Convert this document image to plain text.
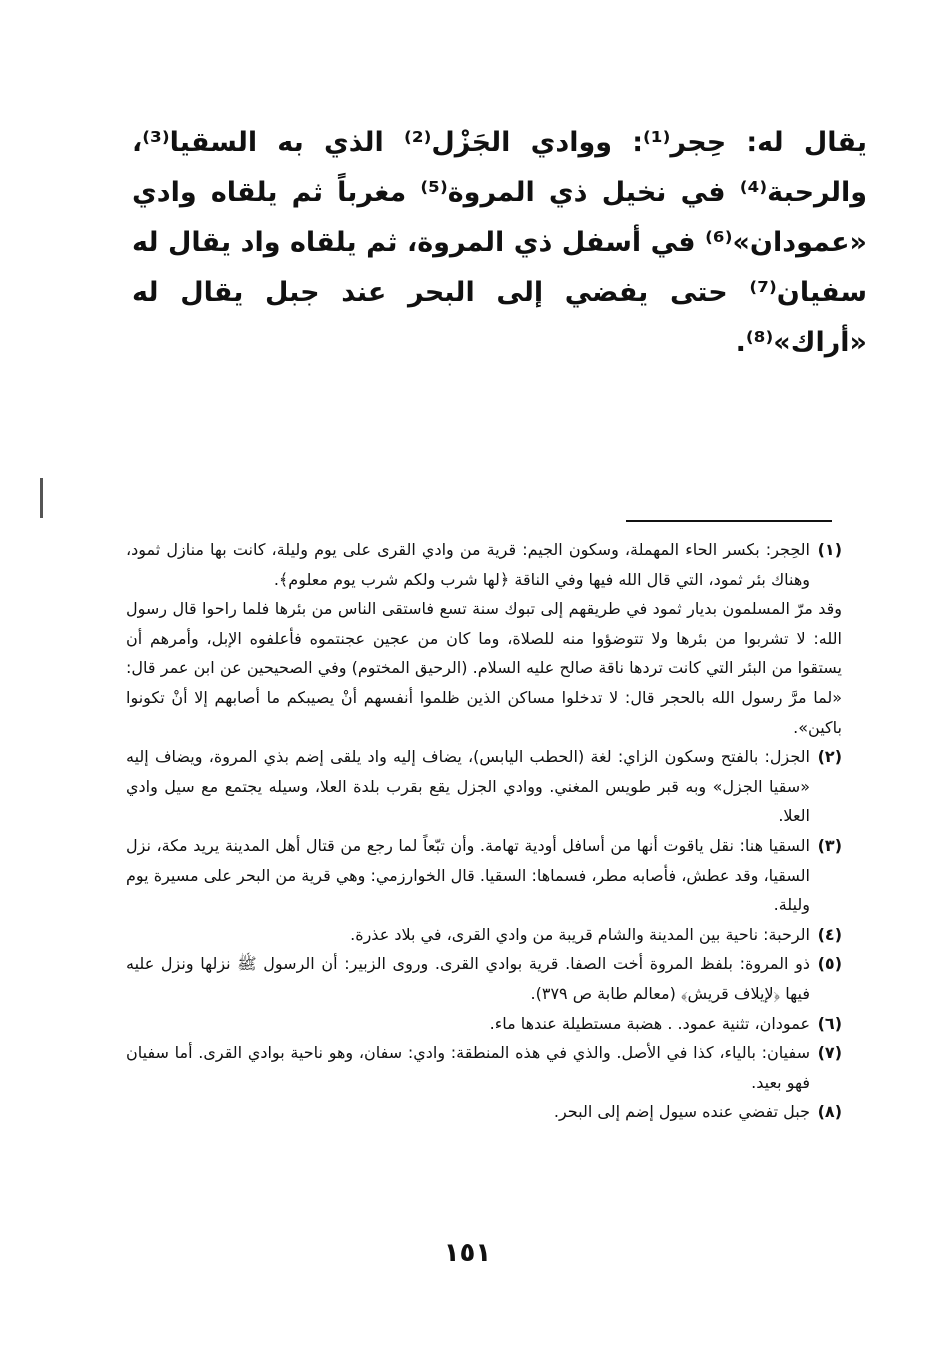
يقال له: حِجر⁽¹⁾: ووادي الجَزْل⁽²⁾ الذي به السقيا⁽³⁾، والرحبة⁽⁴⁾ في نخيل ذي المروة⁽⁵⁾ مغرباً ثم يلقاه وادي «عمودان»⁽⁶⁾ في أسفل ذي المروة، ثم يلقاه واد يقال له سفيان⁽⁷⁾ حتى يفضي إلى البحر عند جبل يقال له «أراك»⁽⁸⁾.
(١)

الحِجر: بكسر الحاء المهملة، وسكون الجيم: قرية من وادي القرى على يوم وليلة، كانت بها منازل ثمود، وهناك بئر ثمود، التي قال الله فيها وفي الناقة ﴿لها شرب ولكم شرب يوم معلوم﴾.

وقد مرّ المسلمون بديار ثمود في طريقهم إلى تبوك سنة تسع فاستقى الناس من بئرها فلما راحوا قال رسول الله: لا تشربوا من بئرها ولا تتوضؤوا منه للصلاة، وما كان من عجين عجنتموه فأعلفوه الإبل، وأمرهم أن يستقوا من البئر التي كانت تردها ناقة صالح عليه السلام. (الرحيق المختوم) وفي الصحيحين عن ابن عمر قال: «لما مرَّ رسول الله بالحجر قال: لا تدخلوا مساكن الذين ظلموا أنفسهم أنْ يصيبكم ما أصابهم إلا أنْ تكونوا باكين».

(٢)

الجزل: بالفتح وسكون الزاي: لغة (الحطب اليابس)، يضاف إليه واد يلقى إضم بذي المروة، ويضاف إليه «سقيا الجزل» وبه قبر طويس المغني. ووادي الجزل يقع بقرب بلدة العلا، وسيله يجتمع مع سيل وادي العلا.

(٣)

السقيا هنا: نقل ياقوت أنها من أسافل أودية تهامة. وأن تبّعاً لما رجع من قتال أهل المدينة يريد مكة، نزل السقيا، وقد عطش، فأصابه مطر، فسماها: السقيا. قال الخوارزمي: وهي قرية من البحر على مسيرة يوم وليلة.

(٤)

الرحبة: ناحية بين المدينة والشام قريبة من وادي القرى، في بلاد عذرة.

(٥)

ذو المروة: بلفظ المروة أخت الصفا. قرية بوادي القرى. وروى الزبير: أن الرسول ﷺ نزلها ونزل عليه فيها ﴿لإيلاف قريش﴾ (معالم طابة ص ٣٧٩).

(٦)

عمودان، تثنية عمود. . هضبة مستطيلة عندها ماء.

(٧)

سفيان: بالياء، كذا في الأصل. والذي في هذه المنطقة: وادي: سفان، وهو ناحية بوادي القرى. أما سفيان فهو بعيد.

(٨)

جبل تفضي عنده سيول إضم إلى البحر.

١٥١
